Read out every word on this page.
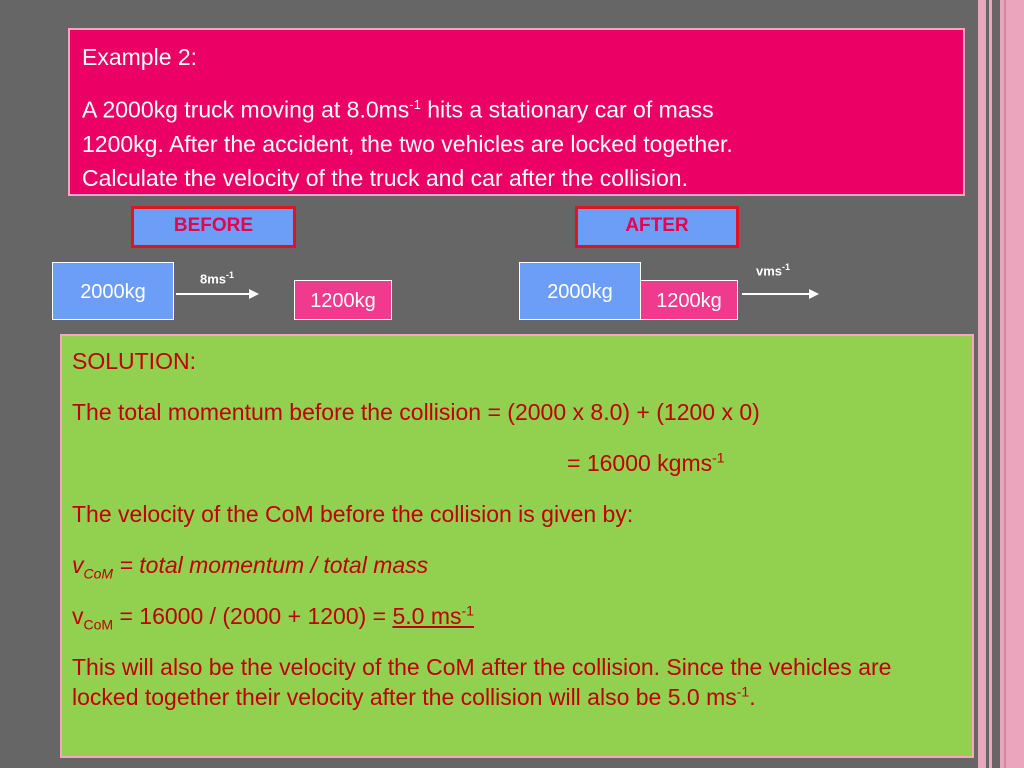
Example 2:

A 2000kg truck moving at $8.0ms^{-1}$ hits a stationary car of mass

1200kg. After the accident, the two vehicles are locked together.

Calculate the velocity of the truck and car after the collision.

BEFORE	AFTER
2000kg
$8ms^{-1}$
1200kg	2000kg	1200kg
vms$^{-1}$

SOLUTION:

The total momentum before the collision = (2000 x 8.0) + (1200 x 0)

= 16000 kgms$^{-1}$

The velocity of the CoM before the collision is given by:

$v_{CoM}$ = total momentum / total mass

$v_{CoM} = 16000 / (2000 + 1200) = 5.0$ $ms^{-1}$

This will also be the velocity of the CoM after the collision. Since the vehicles are locked together their velocity after the collision will also be 5.0 $ms^{-1}$.
